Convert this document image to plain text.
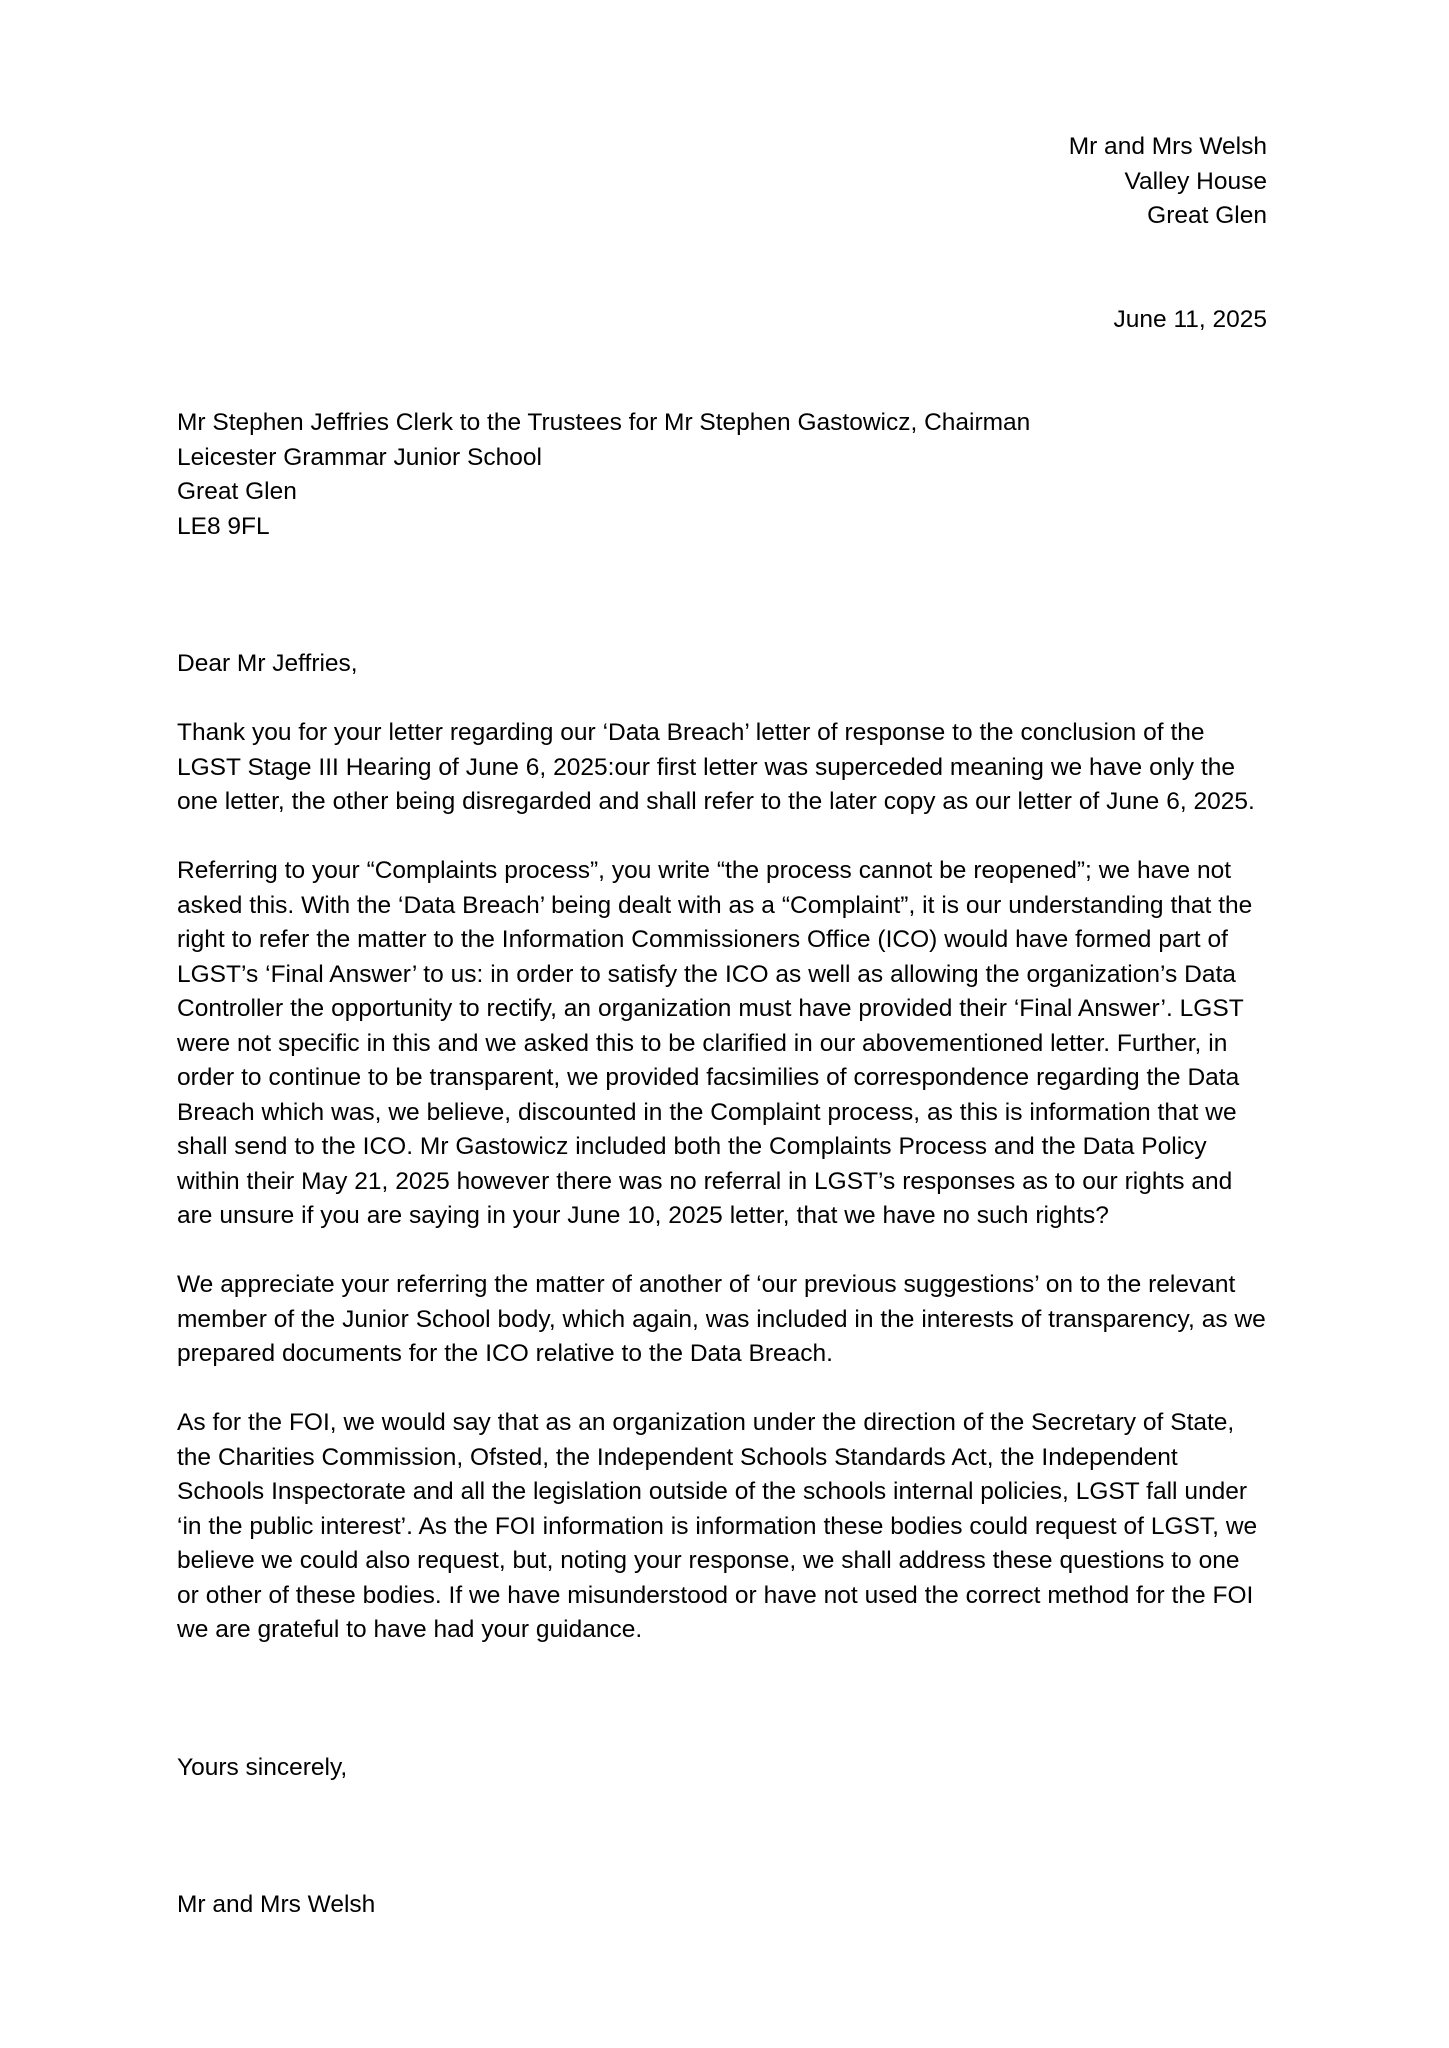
Mr and Mrs Welsh
Valley House
Great Glen
June 11, 2025
Mr Stephen Jeffries Clerk to the Trustees for Mr Stephen Gastowicz, Chairman
Leicester Grammar Junior School
Great Glen
LE8 9FL
Dear Mr Jeffries,

Thank you for your letter regarding our ‘Data Breach’ letter of response to the conclusion of the LGST Stage III Hearing of June 6, 2025:our first letter was superceded meaning we have only the one letter, the other being disregarded and shall refer to the later copy as our letter of June 6, 2025.

Referring to your “Complaints process”, you write “the process cannot be reopened”; we have not asked this. With the ‘Data Breach’ being dealt with as a “Complaint”, it is our understanding that the right to refer the matter to the Information Commissioners Office (ICO) would have formed part of LGST’s ‘Final Answer’ to us: in order to satisfy the ICO as well as allowing the organization’s Data Controller the opportunity to rectify, an organization must have provided their ‘Final Answer’. LGST were not specific in this and we asked this to be clarified in our abovementioned letter. Further, in order to continue to be transparent, we provided facsimilies of correspondence regarding the Data Breach which was, we believe, discounted in the Complaint process, as this is information that we shall send to the ICO. Mr Gastowicz included both the Complaints Process and the Data Policy within their May 21, 2025 however there was no referral in LGST’s responses as to our rights and are unsure if you are saying in your June 10, 2025 letter, that we have no such rights?

We appreciate your referring the matter of another of ‘our previous suggestions’ on to the relevant member of the Junior School body, which again, was included in the interests of transparency, as we prepared documents for the ICO relative to the Data Breach.

As for the FOI, we would say that as an organization under the direction of the Secretary of State, the Charities Commission, Ofsted, the Independent Schools Standards Act, the Independent Schools Inspectorate and all the legislation outside of the schools internal policies, LGST fall under ‘in the public interest’. As the FOI information is information these bodies could request of LGST, we believe we could also request, but, noting your response, we shall address these questions to one or other of these bodies. If we have misunderstood or have not used the correct method for the FOI we are grateful to have had your guidance.

Yours sincerely,
Mr and Mrs Welsh
